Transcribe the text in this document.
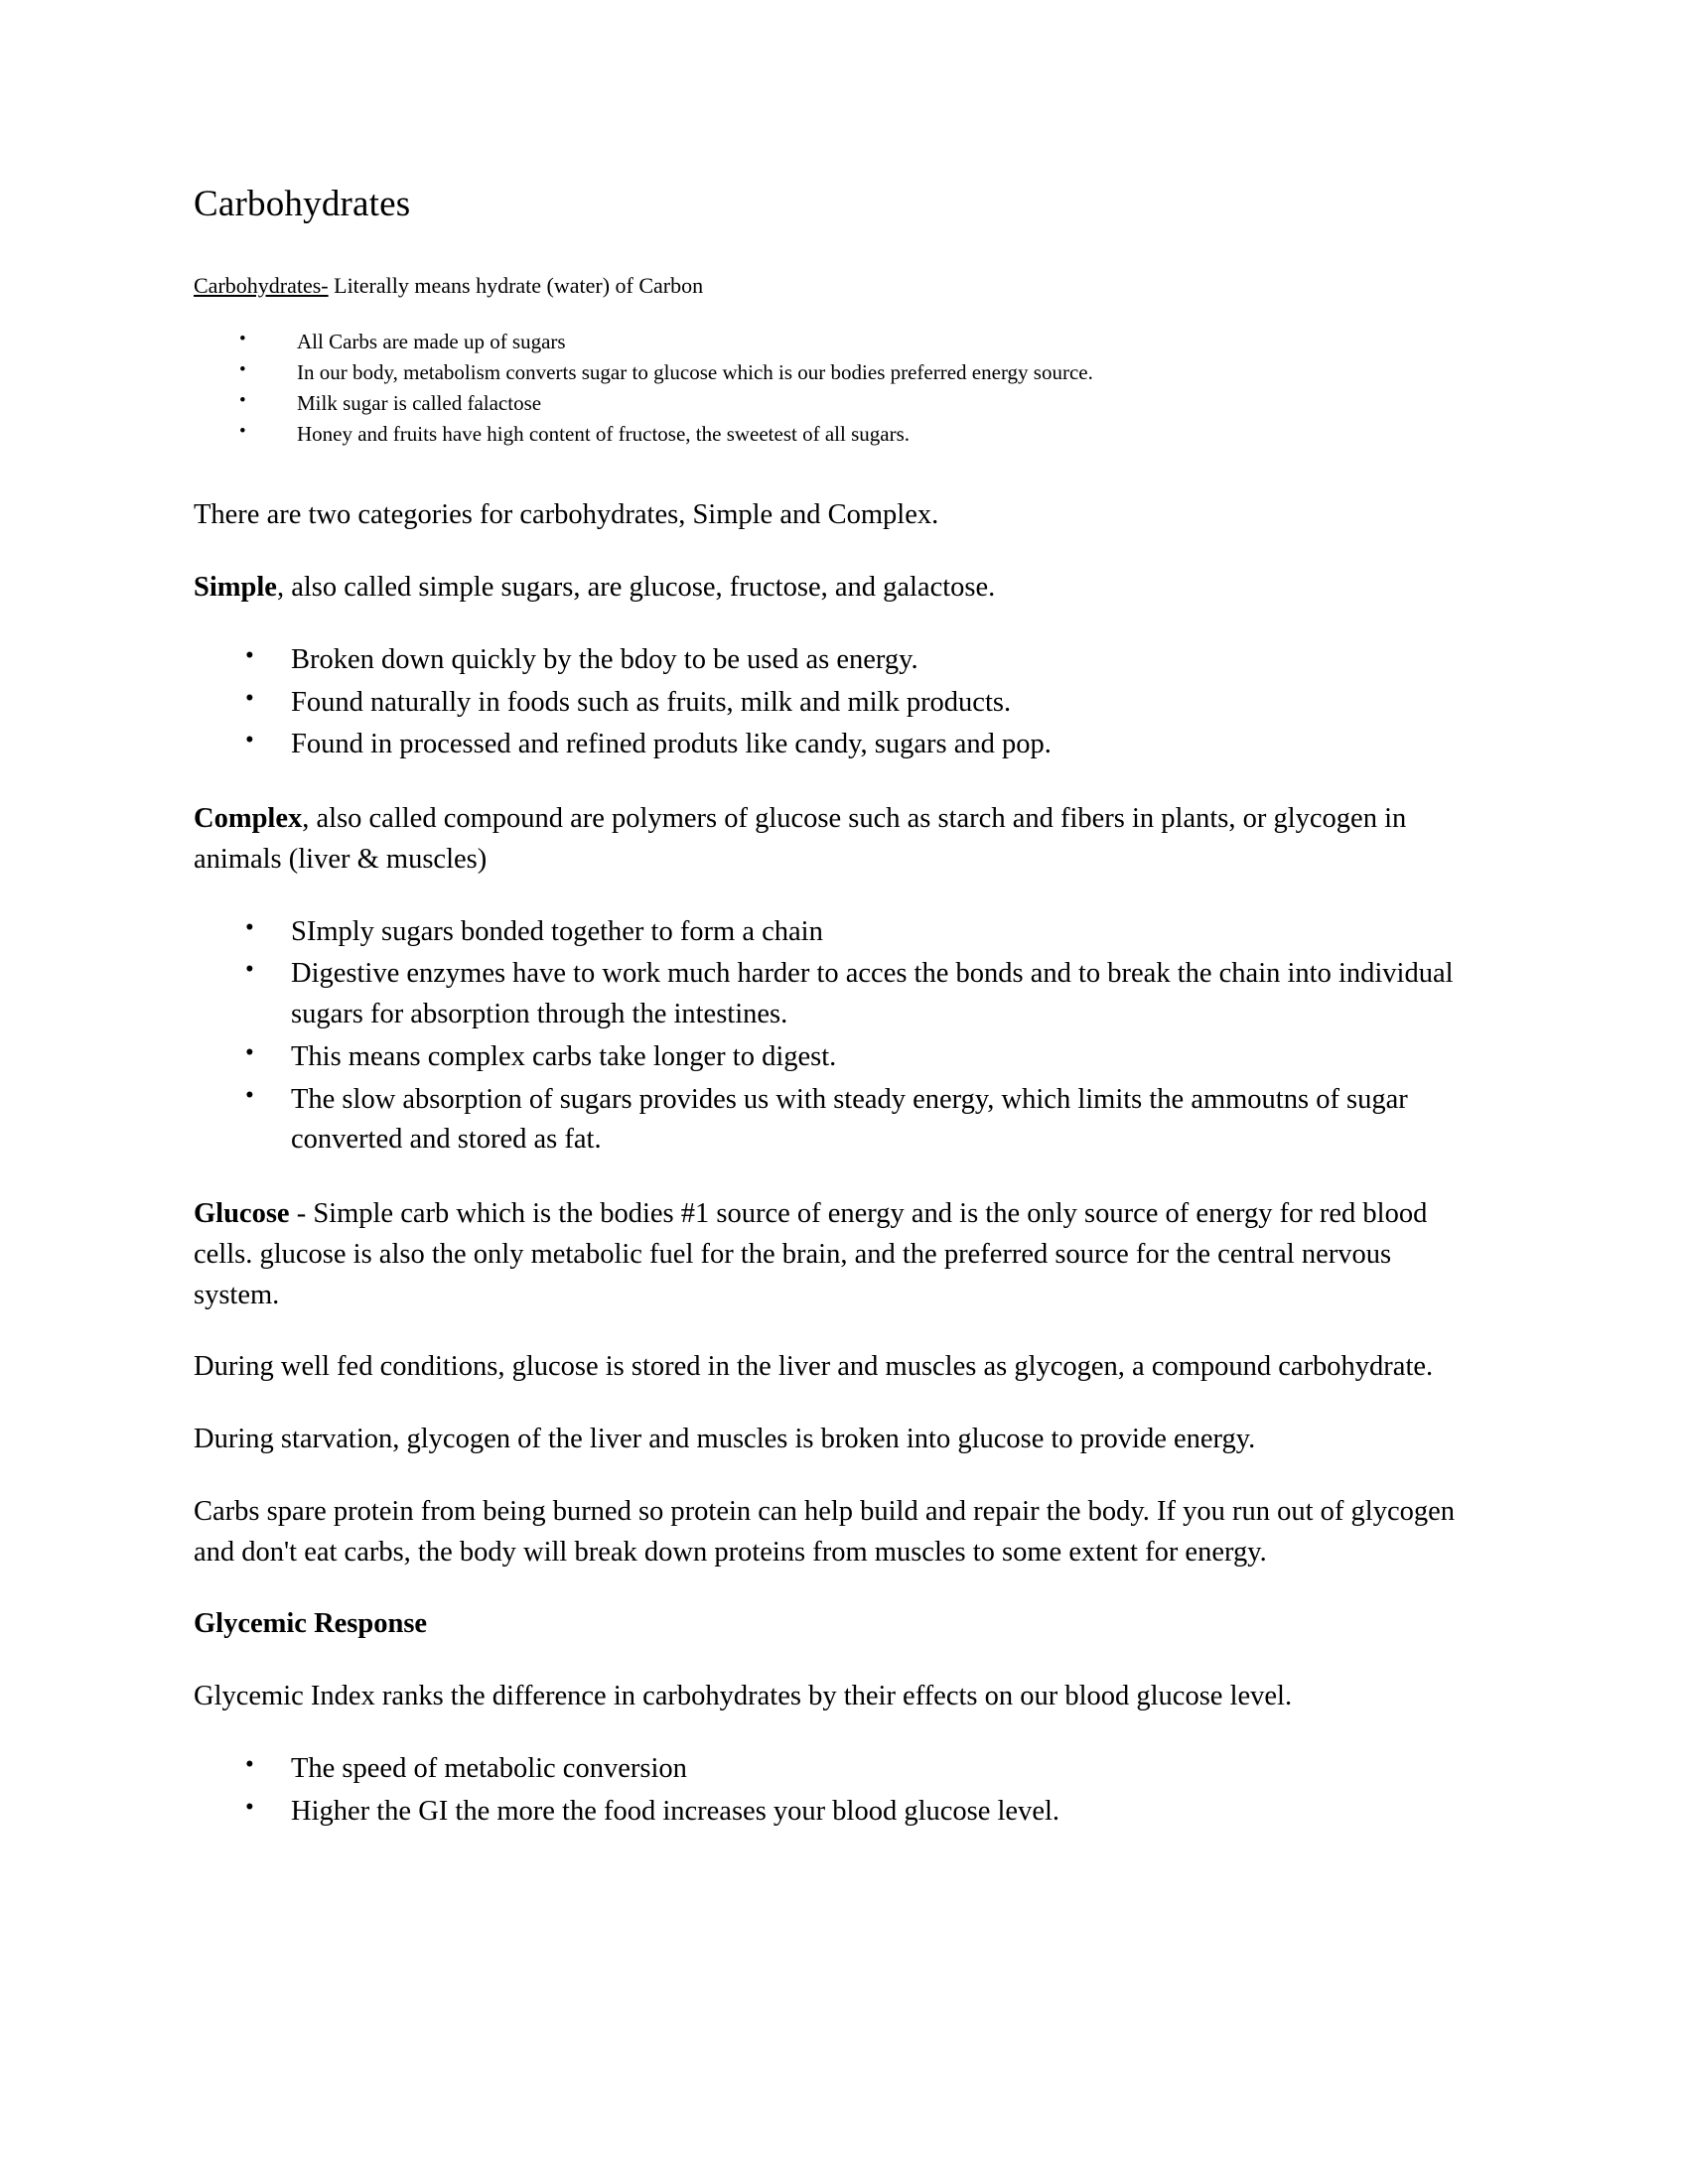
Carbohydrates

Carbohydrates- Literally means hydrate (water) of Carbon

• All Carbs are made up of sugars
• In our body, metabolism converts sugar to glucose which is our bodies preferred energy source.
• Milk sugar is called falactose
• Honey and fruits have high content of fructose, the sweetest of all sugars.

There are two categories for carbohydrates, Simple and Complex.

Simple, also called simple sugars, are glucose, fructose, and galactose.

• Broken down quickly by the bdoy to be used as energy.
• Found naturally in foods such as fruits, milk and milk products.
• Found in processed and refined produts like candy, sugars and pop.

Complex, also called compound are polymers of glucose such as starch and fibers in plants, or glycogen in animals (liver & muscles)

• SImply sugars bonded together to form a chain
• Digestive enzymes have to work much harder to acces the bonds and to break the chain into individual sugars for absorption through the intestines.
• This means complex carbs take longer to digest.
• The slow absorption of sugars provides us with steady energy, which limits the ammoutns of sugar converted and stored as fat.

Glucose - Simple carb which is the bodies #1 source of energy and is the only source of energy for red blood cells. glucose is also the only metabolic fuel for the brain, and the preferred source for the central nervous system.

During well fed conditions, glucose is stored in the liver and muscles as glycogen, a compound carbohydrate.

During starvation, glycogen of the liver and muscles is broken into glucose to provide energy.

Carbs spare protein from being burned so protein can help build and repair the body. If you run out of glycogen and don't eat carbs, the body will break down proteins from muscles to some extent for energy.

Glycemic Response

Glycemic Index ranks the difference in carbohydrates by their effects on our blood glucose level.

• The speed of metabolic conversion
• Higher the GI the more the food increases your blood glucose level.
